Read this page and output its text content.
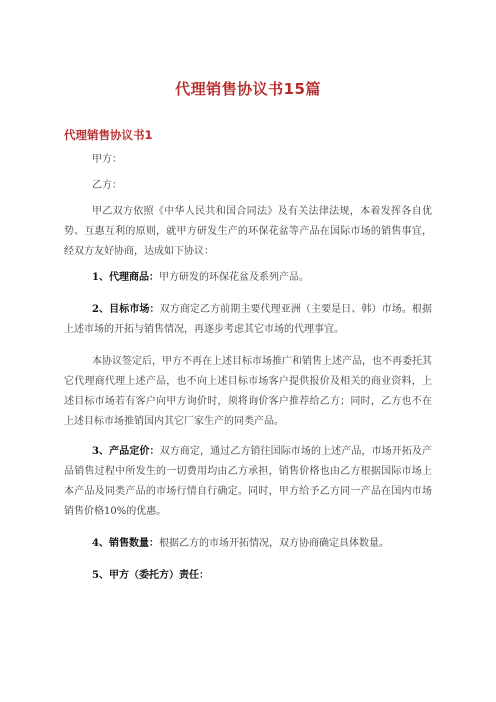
代理销售协议书15篇
代理销售协议书1

甲方：

乙方：

甲乙双方依照《中华人民共和国合同法》及有关法律法规，本着发挥各自优势、互惠互利的原则，就甲方研发生产的环保花盆等产品在国际市场的销售事宜，经双方友好协商，达成如下协议：

1、代理商品：甲方研发的环保花盆及系列产品。

2、目标市场：双方商定乙方前期主要代理亚洲（主要是日、韩）市场。根据上述市场的开拓与销售情况，再逐步考虑其它市场的代理事宜。

本协议签定后，甲方不再在上述目标市场推广和销售上述产品，也不再委托其它代理商代理上述产品，也不向上述目标市场客户提供报价及相关的商业资料，上述目标市场若有客户向甲方询价时，须将询价客户推荐给乙方；同时，乙方也不在上述目标市场推销国内其它厂家生产的同类产品。

3、产品定价：双方商定，通过乙方销往国际市场的上述产品，市场开拓及产品销售过程中所发生的一切费用均由乙方承担，销售价格也由乙方根据国际市场上本产品及同类产品的市场行情自行确定。同时，甲方给予乙方同一产品在国内市场销售价格10%的优惠。

4、销售数量：根据乙方的市场开拓情况，双方协商确定具体数量。

5、甲方（委托方）责任：
